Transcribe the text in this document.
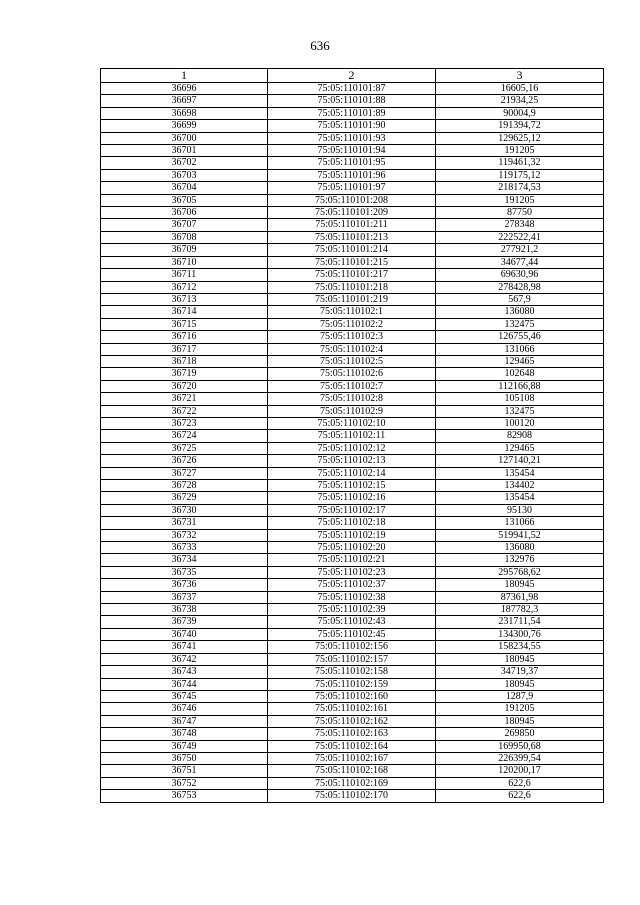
636
1	2	3
36696	75:05:110101:87	16605,16
36697	75:05:110101:88	21934,25
36698	75:05:110101:89	90004,9
36699	75:05:110101:90	191394,72
36700	75:05:110101:93	129625,12
36701	75:05:110101:94	191205
36702	75:05:110101:95	119461,32
36703	75:05:110101:96	119175,12
36704	75:05:110101:97	218174,53
36705	75:05:110101:208	191205
36706	75:05:110101:209	87750
36707	75:05:110101:211	278348
36708	75:05:110101:213	222522,41
36709	75:05:110101:214	277921,2
36710	75:05:110101:215	34677,44
36711	75:05:110101:217	69630,96
36712	75:05:110101:218	278428,98
36713	75:05:110101:219	567,9
36714	75:05:110102:1	136080
36715	75:05:110102:2	132475
36716	75:05:110102:3	126755,46
36717	75:05:110102:4	131066
36718	75:05:110102:5	129465
36719	75:05:110102:6	102648
36720	75:05:110102:7	112166,88
36721	75:05:110102:8	105108
36722	75:05:110102:9	132475
36723	75:05:110102:10	100120
36724	75:05:110102:11	82908
36725	75:05:110102:12	129465
36726	75:05:110102:13	127140,21
36727	75:05:110102:14	135454
36728	75:05:110102:15	134402
36729	75:05:110102:16	135454
36730	75:05:110102:17	95130
36731	75:05:110102:18	131066
36732	75:05:110102:19	519941,52
36733	75:05:110102:20	136080
36734	75:05:110102:21	132976
36735	75:05:110102:23	295768,62
36736	75:05:110102:37	180945
36737	75:05:110102:38	87361,98
36738	75:05:110102:39	187782,3
36739	75:05:110102:43	231711,54
36740	75:05:110102:45	134300,76
36741	75:05:110102:156	158234,55
36742	75:05:110102:157	180945
36743	75:05:110102:158	34719,37
36744	75:05:110102:159	180945
36745	75:05:110102:160	1287,9
36746	75:05:110102:161	191205
36747	75:05:110102:162	180945
36748	75:05:110102:163	269850
36749	75:05:110102:164	169950,68
36750	75:05:110102:167	226399,54
36751	75:05:110102:168	120200,17
36752	75:05:110102:169	622,6
36753	75:05:110102:170	622,6
